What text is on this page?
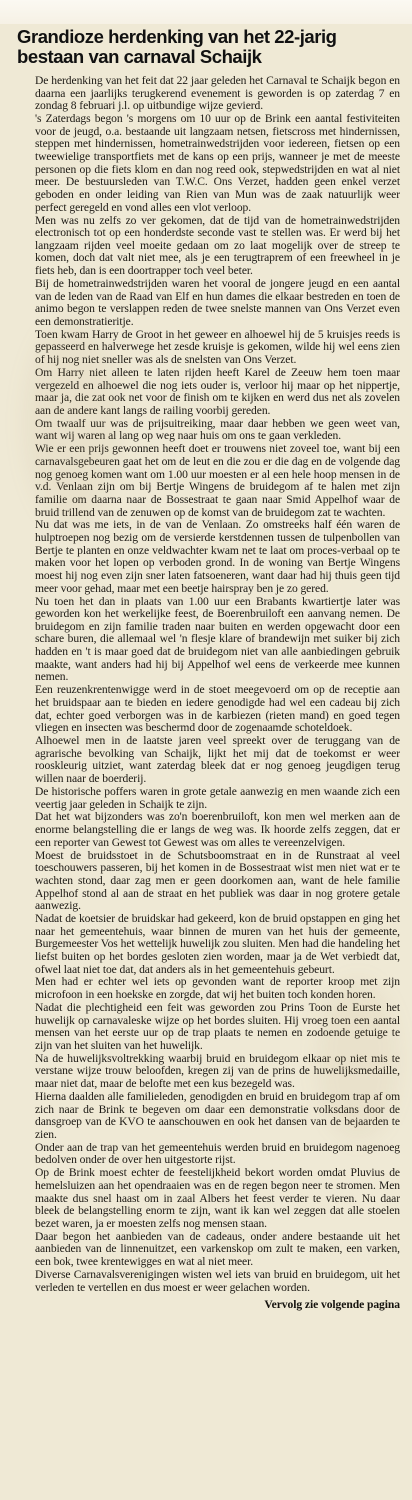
Grandioze herdenking van het 22-jarig bestaan van carnaval Schaijk

De herdenking van het feit dat 22 jaar geleden het Carnaval te Schaijk begon en daarna een jaarlijks terugkerend evenement is geworden is op zaterdag 7 en zondag 8 februari j.l. op uitbundige wijze gevierd.

's Zaterdags begon 's morgens om 10 uur op de Brink een aantal festiviteiten voor de jeugd, o.a. bestaande uit langzaam netsen, fietscross met hindernissen, steppen met hindernissen, hometrainwedstrijden voor iedereen, fietsen op een tweewielige transportfiets met de kans op een prijs, wanneer je met de meeste personen op die fiets klom en dan nog reed ook, stepwedstrijden en wat al niet meer. De bestuursleden van T.W.C. Ons Verzet, hadden geen enkel verzet geboden en onder leiding van Rien van Mun was de zaak natuurlijk weer perfect geregeld en vond alles een vlot verloop.

Men was nu zelfs zo ver gekomen, dat de tijd van de hometrainwedstrijden electronisch tot op een honderdste seconde vast te stellen was. Er werd bij het langzaam rijden veel moeite gedaan om zo laat mogelijk over de streep te komen, doch dat valt niet mee, als je een terugtraprem of een freewheel in je fiets heb, dan is een doortrapper toch veel beter.

Bij de hometrainwedstrijden waren het vooral de jongere jeugd en een aantal van de leden van de Raad van Elf en hun dames die elkaar bestreden en toen de animo begon te verslappen reden de twee snelste mannen van Ons Verzet even een demonstratieritje.

Toen kwam Harry de Groot in het geweer en alhoewel hij de 5 kruisjes reeds is gepasseerd en halverwege het zesde kruisje is gekomen, wilde hij wel eens zien of hij nog niet sneller was als de snelsten van Ons Verzet.

Om Harry niet alleen te laten rijden heeft Karel de Zeeuw hem toen maar vergezeld en alhoewel die nog iets ouder is, verloor hij maar op het nippertje, maar ja, die zat ook net voor de finish om te kijken en werd dus net als zovelen aan de andere kant langs de railing voorbij gereden.

Om twaalf uur was de prijsuitreiking, maar daar hebben we geen weet van, want wij waren al lang op weg naar huis om ons te gaan verkleden.

Wie er een prijs gewonnen heeft doet er trouwens niet zoveel toe, want bij een carnavalsgebeuren gaat het om de leut en die zou er die dag en de volgende dag nog genoeg komen want om 1.00 uur moesten er al een hele hoop mensen in de v.d. Venlaan zijn om bij Bertje Wingens de bruidegom af te halen met zijn familie om daarna naar de Bossestraat te gaan naar Smid Appelhof waar de bruid trillend van de zenuwen op de komst van de bruidegom zat te wachten.

Nu dat was me iets, in de van de Venlaan. Zo omstreeks half één waren de hulptroepen nog bezig om de versierde kerstdennen tussen de tulpenbollen van Bertje te planten en onze veldwachter kwam net te laat om proces-verbaal op te maken voor het lopen op verboden grond. In de woning van Bertje Wingens moest hij nog even zijn sner laten fatsoeneren, want daar had hij thuis geen tijd meer voor gehad, maar met een beetje hairspray ben je zo gered.

Nu toen het dan in plaats van 1.00 uur een Brabants kwartiertje later was geworden kon het werkelijke feest, de Boerenbruiloft een aanvang nemen. De bruidegom en zijn familie traden naar buiten en werden opgewacht door een schare buren, die allemaal wel 'n flesje klare of brandewijn met suiker bij zich hadden en 't is maar goed dat de bruidegom niet van alle aanbiedingen gebruik maakte, want anders had hij bij Appelhof wel eens de verkeerde mee kunnen nemen.

Een reuzenkrentenwigge werd in de stoet meegevoerd om op de receptie aan het bruidspaar aan te bieden en iedere genodigde had wel een cadeau bij zich dat, echter goed verborgen was in de karbiezen (rieten mand) en goed tegen vliegen en insecten was beschermd door de zogenaamde schoteldoek.

Alhoewel men in de laatste jaren veel spreekt over de teruggang van de agrarische bevolking van Schaijk, lijkt het mij dat de toekomst er weer rooskleurig uitziet, want zaterdag bleek dat er nog genoeg jeugdigen terug willen naar de boerderij.

De historische poffers waren in grote getale aanwezig en men waande zich een veertig jaar geleden in Schaijk te zijn.

Dat het wat bijzonders was zo'n boerenbruiloft, kon men wel merken aan de enorme belangstelling die er langs de weg was. Ik hoorde zelfs zeggen, dat er een reporter van Gewest tot Gewest was om alles te vereenzelvigen.

Moest de bruidsstoet in de Schutsboomstraat en in de Runstraat al veel toeschouwers passeren, bij het komen in de Bossestraat wist men niet wat er te wachten stond, daar zag men er geen doorkomen aan, want de hele familie Appelhof stond al aan de straat en het publiek was daar in nog grotere getale aanwezig.

Nadat de koetsier de bruidskar had gekeerd, kon de bruid opstappen en ging het naar het gemeentehuis, waar binnen de muren van het huis der gemeente, Burgemeester Vos het wettelijk huwelijk zou sluiten. Men had die handeling het liefst buiten op het bordes gesloten zien worden, maar ja de Wet verbiedt dat, ofwel laat niet toe dat, dat anders als in het gemeentehuis gebeurt.

Men had er echter wel iets op gevonden want de reporter kroop met zijn microfoon in een hoekske en zorgde, dat wij het buiten toch konden horen.

Nadat die plechtigheid een feit was geworden zou Prins Toon de Eurste het huwelijk op carnavaleske wijze op het bordes sluiten. Hij vroeg toen een aantal mensen van het eerste uur op de trap plaats te nemen en zodoende getuige te zijn van het sluiten van het huwelijk.

Na de huwelijksvoltrekking waarbij bruid en bruidegom elkaar op niet mis te verstane wijze trouw beloofden, kregen zij van de prins de huwelijksmedaille, maar niet dat, maar de belofte met een kus bezegeld was.

Hierna daalden alle familieleden, genodigden en bruid en bruidegom trap af om zich naar de Brink te begeven om daar een demonstratie volksdans door de dansgroep van de KVO te aanschouwen en ook het dansen van de bejaarden te zien.

Onder aan de trap van het gemeentehuis werden bruid en bruidegom nagenoeg bedolven onder de over hen uitgestorte rijst.

Op de Brink moest echter de feestelijkheid bekort worden omdat Pluvius de hemelsluizen aan het opendraaien was en de regen begon neer te stromen. Men maakte dus snel haast om in zaal Albers het feest verder te vieren. Nu daar bleek de belangstelling enorm te zijn, want ik kan wel zeggen dat alle stoelen bezet waren, ja er moesten zelfs nog mensen staan.

Daar begon het aanbieden van de cadeaus, onder andere bestaande uit het aanbieden van de linnenuitzet, een varkenskop om zult te maken, een varken, een bok, twee krentewigges en wat al niet meer.

Diverse Carnavalsverenigingen wisten wel iets van bruid en bruidegom, uit het verleden te vertellen en dus moest er weer gelachen worden.

Vervolg zie volgende pagina
